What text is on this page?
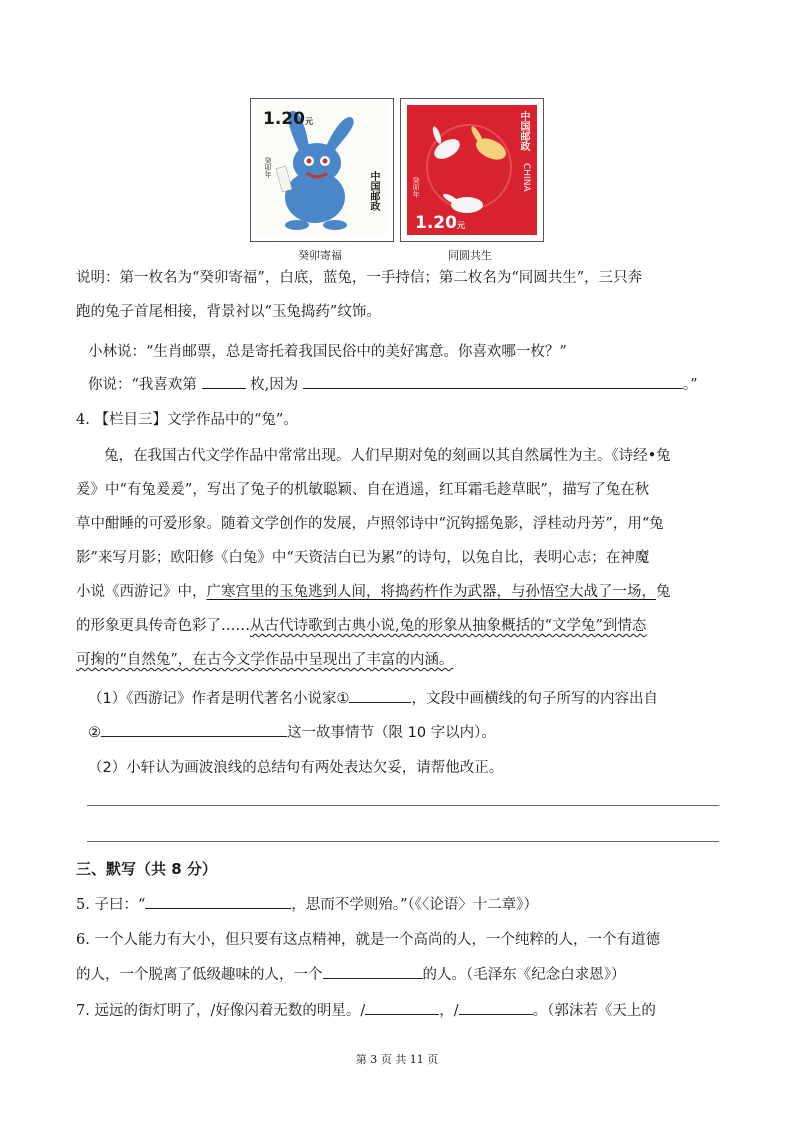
1.20元
中国邮政
癸卯年
癸卯寄福
中国邮政
CHINA
癸卯年
1.20元
同圆共生
说明：第一枚名为“癸卯寄福”，白底，蓝兔，一手持信；第二枚名为“同圆共生”，三只奔
跑的兔子首尾相接，背景衬以“玉兔捣药”纹饰。
小林说：“生肖邮票，总是寄托着我国民俗中的美好寓意。你喜欢哪一枚？”
你说：“我喜欢第	枚,因为	。”
4. 【栏目三】文学作品中的“兔”。
兔，在我国古代文学作品中常常出现。人们早期对兔的刻画以其自然属性为主。《诗经•兔
爰》中“有兔爰爰”，写出了兔子的机敏聪颖、自在逍遥，红耳霜毛趁草眠”，描写了兔在秋
草中酣睡的可爱形象。随着文学创作的发展，卢照邻诗中“沉钩摇兔影，浮桂动丹芳”，用“兔
影”来写月影；欧阳修《白兔》中“天资洁白已为累”的诗句，以兔自比，表明心志；在神魔
小说《西游记》中，广寒宫里的玉兔逃到人间，将捣药杵作为武器，与孙悟空大战了一场，兔
的形象更具传奇色彩了……从古代诗歌到古典小说,兔的形象从抽象概括的“文学兔”到情态
可掬的“自然兔”，在古今文学作品中呈现出了丰富的内涵。
（1）《西游记》作者是明代著名小说家①	，文段中画横线的句子所写的内容出自
②	这一故事情节（限 10 字以内）。
（2）小轩认为画波浪线的总结句有两处表达欠妥，请帮他改正。
三、默写（共 8 分）
5. 子曰：“	，思而不学则殆。”（《〈论语〉十二章》）
6. 一个人能力有大小，但只要有这点精神，就是一个高尚的人，一个纯粹的人，一个有道德
的人，一个脱离了低级趣味的人，一个	的人。（毛泽东《纪念白求恩》）
7. 远远的街灯明了，/好像闪着无数的明星。/	，/	。（郭沫若《天上的
第 3 页 共 11 页
